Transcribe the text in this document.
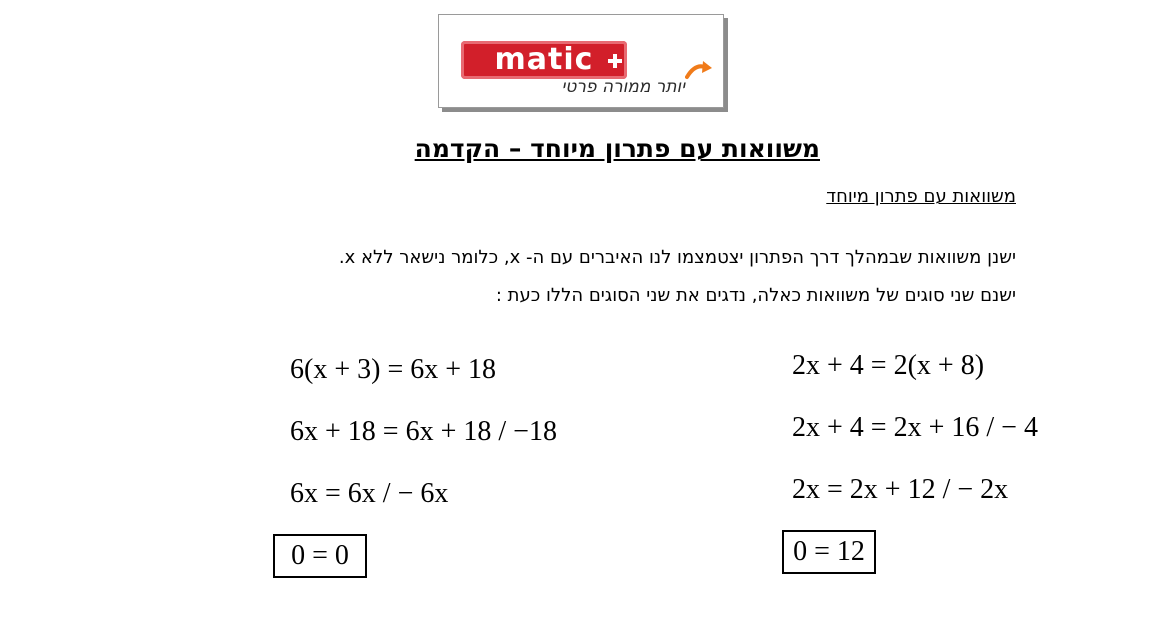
matic
יותר ממורה פרטי
משוואות עם פתרון מיוחד – הקדמה
משוואות עם פתרון מיוחד
ישנן משוואות שבמהלך דרך הפתרון יצטמצמו לנו האיברים עם ה- x, כלומר נישאר ללא x.
ישנם שני סוגים של משוואות כאלה, נדגים את שני הסוגים הללו כעת :
2x + 4 = 2(x + 8)
2x + 4 = 2x + 16 / − 4
2x = 2x + 12 / − 2x
0 = 12
6(x + 3) = 6x + 18
6x + 18 = 6x + 18 / −18
6x = 6x / − 6x
0 = 0
